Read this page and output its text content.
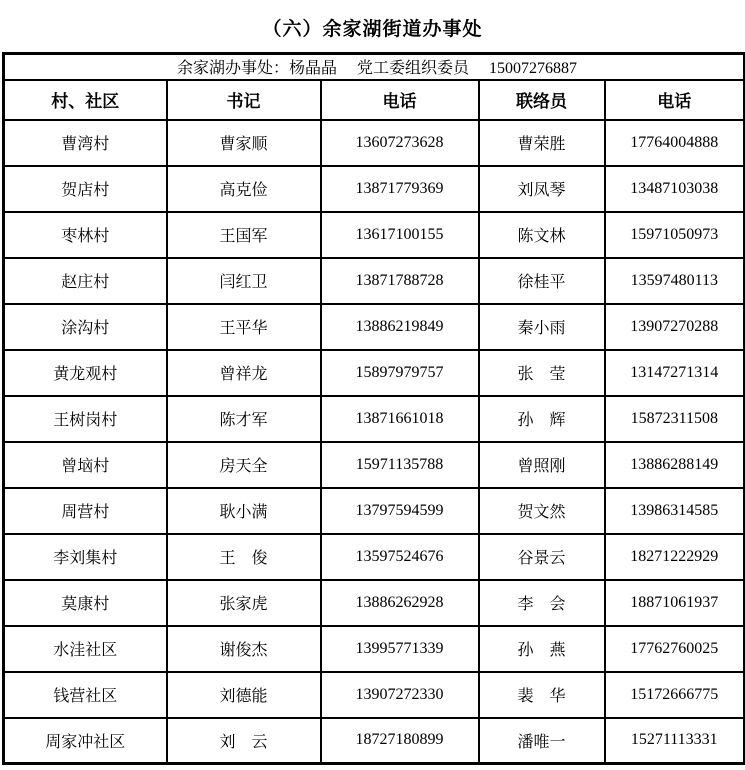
（六）余家湖街道办事处
余家湖办事处：杨晶晶　 党工委组织委员　 15007276887				
村、社区	书记	电话	联络员	电话
曹湾村	曹家顺	13607273628	曹荣胜	17764004888
贺店村	高克俭	13871779369	刘凤琴	13487103038
枣林村	王国军	13617100155	陈文林	15971050973
赵庄村	闫红卫	13871788728	徐桂平	13597480113
涂沟村	王平华	13886219849	秦小雨	13907270288
黄龙观村	曾祥龙	15897979757	张　莹	13147271314
王树岗村	陈才军	13871661018	孙　辉	15872311508
曾垴村	房天全	15971135788	曾照刚	13886288149
周营村	耿小满	13797594599	贺文然	13986314585
李刘集村	王　俊	13597524676	谷景云	18271222929
莫康村	张家虎	13886262928	李　会	18871061937
水洼社区	谢俊杰	13995771339	孙　燕	17762760025
钱营社区	刘德能	13907272330	裴　华	15172666775
周家冲社区	刘　云	18727180899	潘唯一	15271113331
